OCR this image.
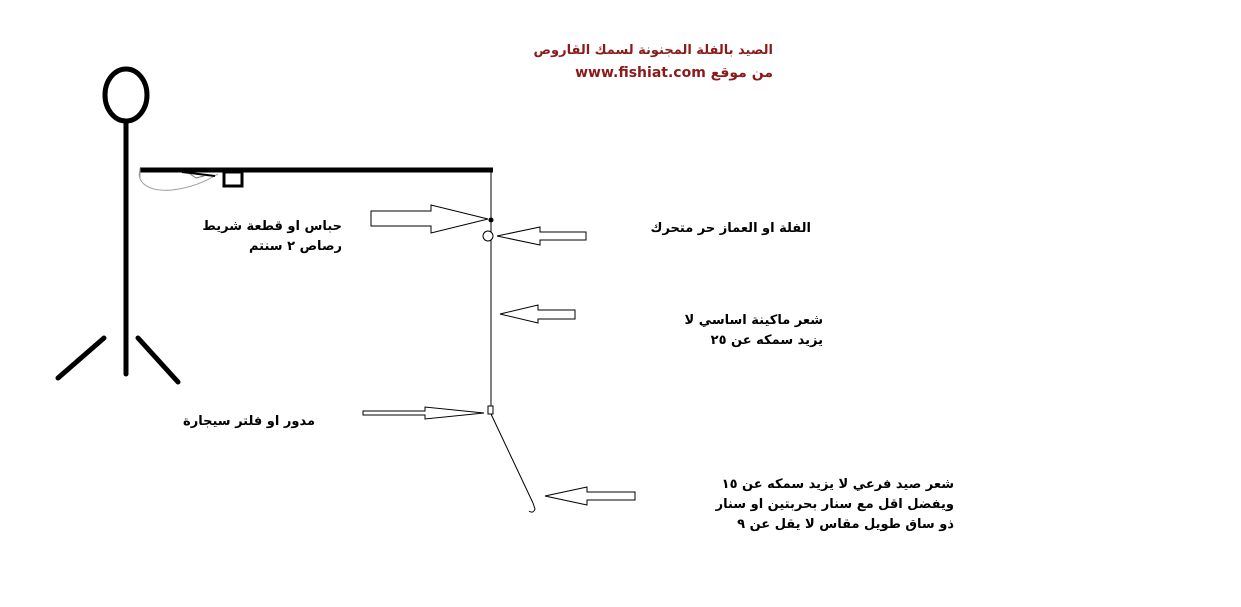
الصيد بالفلة المجنونة لسمك القاروص
من موقع www.fishiat.com
حباس او قطعة شريط
رصاص ٢ سنتم
الفلة او العماز حر متحرك
شعر ماكينة اساسي لا
يزيد سمكه عن ٢٥
مدور او فلتر سيجارة
شعر صيد فرعي لا يزيد سمكه عن ١٥
ويفضل اقل مع سنار بحربتين او سنار
ذو ساق طويل مقاس لا يقل عن ٩
